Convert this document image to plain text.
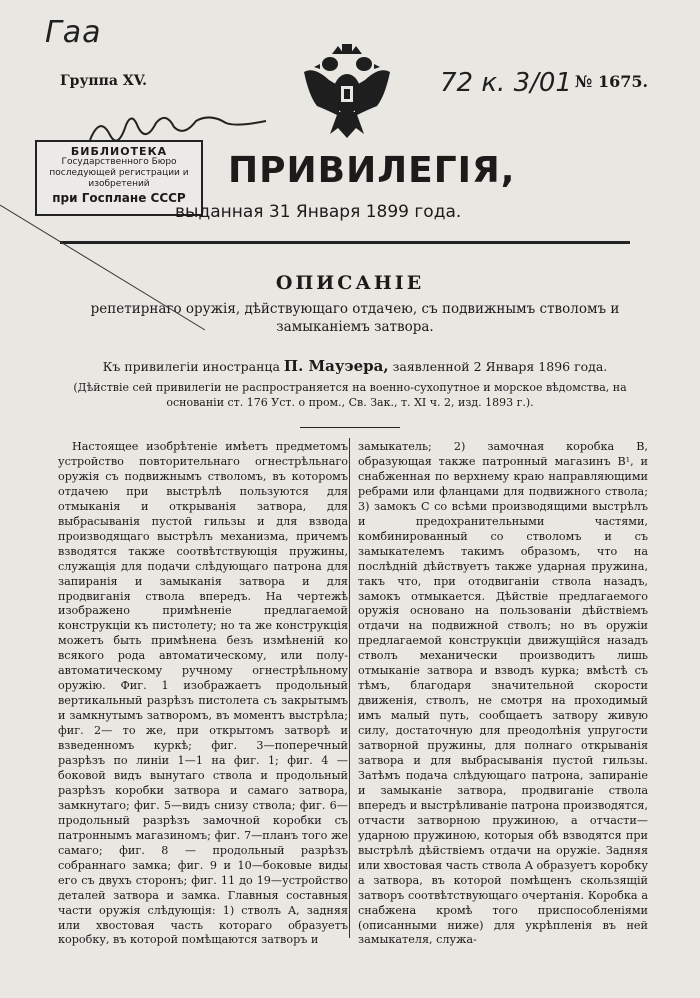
Гаа
Группа XV.	72 к. 3/01 № 1675.
БИБЛИОТЕКА
Государственного Бюро
последующей регистрации и изобретений
при Госплане СССР
ПРИВИЛЕГІЯ,
выданная 31 Января 1899 года.
ОПИСАНІЕ
репетирнаго оружія, дѣйствующаго отдачею, съ подвижнымъ стволомъ и замыканіемъ затвора.
Къ привилегіи иностранца П. Мауэера, заявленной 2 Января 1896 года.
(Дѣйствіе сей привилегіи не распространяется на военно-сухопутное и морское вѣдомства, на основаніи ст. 176 Уст. о пром., Св. Зак., т. XI ч. 2, изд. 1893 г.).
Настоящее изобрѣтеніе имѣетъ предметомъ устройство повторительнаго огнестрѣльнаго оружія съ подвижнымъ стволомъ, въ которомъ отдачею при выстрѣлѣ пользуются для отмыканія и открыванія затвора, для выбрасыванія пустой гильзы и для взвода производящаго выстрѣлъ механизма, причемъ взводятся также соотвѣтствующія пружины, служащія для подачи слѣдующаго патрона для запиранія и замыканія затвора и для продвиганія ствола впередъ. На чертежѣ изображено примѣненіе предлагаемой конструкціи къ пистолету; но та же конструкція можетъ быть примѣнена безъ измѣненій ко всякого рода автоматическому, или полу-автоматическому ручному огнестрѣльному оружію. Фиг. 1 изображаетъ продольный вертикальный разрѣзъ пистолета съ закрытымъ и замкнутымъ затворомъ, въ моментъ выстрѣла; фиг. 2— то же, при открытомъ затворѣ и взведенномъ куркѣ; фиг. 3—поперечный разрѣзъ по линіи 1—1 на фиг. 1; фиг. 4 — боковой видъ вынутаго ствола и продольный разрѣзъ коробки затвора и самаго затвора, замкнутаго; фиг. 5—видъ снизу ствола; фиг. 6—продольный разрѣзъ замочной коробки съ патроннымъ магазиномъ; фиг. 7—планъ того же самаго; фиг. 8 — продольный разрѣзъ собраннаго замка; фиг. 9 и 10—боковые виды его съ двухъ сторонъ; фиг. 11 до 19—устройство деталей затвора и замка. Главныя составныя части оружія слѣдующія: 1) стволъ A, задняя или хвостовая часть котораго образуетъ коробку, въ которой помѣщаются затворъ и
замыкатель; 2) замочная коробка B, образующая также патронный магазинъ B¹, и снабженная по верхнему краю направляющими ребрами или фланцами для подвижного ствола; 3) замокъ C со всѣми производящими выстрѣлъ и предохранительными частями, комбинированный со стволомъ и съ замыкателемъ такимъ образомъ, что на послѣдній дѣйствуетъ также ударная пружина, такъ что, при отодвиганіи ствола назадъ, замокъ отмыкается. Дѣйствіе предлагаемого оружія основано на пользованіи дѣйствіемъ отдачи на подвижной стволъ; но въ оружіи предлагаемой конструкціи движущійся назадъ стволъ механически производитъ лишь отмыканіе затвора и взводъ курка; вмѣстѣ съ тѣмъ, благодаря значительной скорости движенія, стволъ, не смотря на проходимый имъ малый путь, сообщаетъ затвору живую силу, достаточную для преодолѣнія упругости затворной пружины, для полнаго открыванія затвора и для выбрасыванія пустой гильзы. Затѣмъ подача слѣдующаго патрона, запираніе и замыканіе затвора, продвиганіе ствола впередъ и выстрѣливаніе патрона производятся, отчасти затворною пружиною, а отчасти—ударною пружиною, которыя обѣ взводятся при выстрѣлѣ дѣйствіемъ отдачи на оружіе. Задняя или хвостовая часть ствола A образуетъ коробку a затвора, въ которой помѣщенъ скользящій затворъ соотвѣтствующаго очертанія. Коробка a снабжена кромѣ того приспособленіями (описанными ниже) для укрѣпленія въ ней замыкателя, служа-
